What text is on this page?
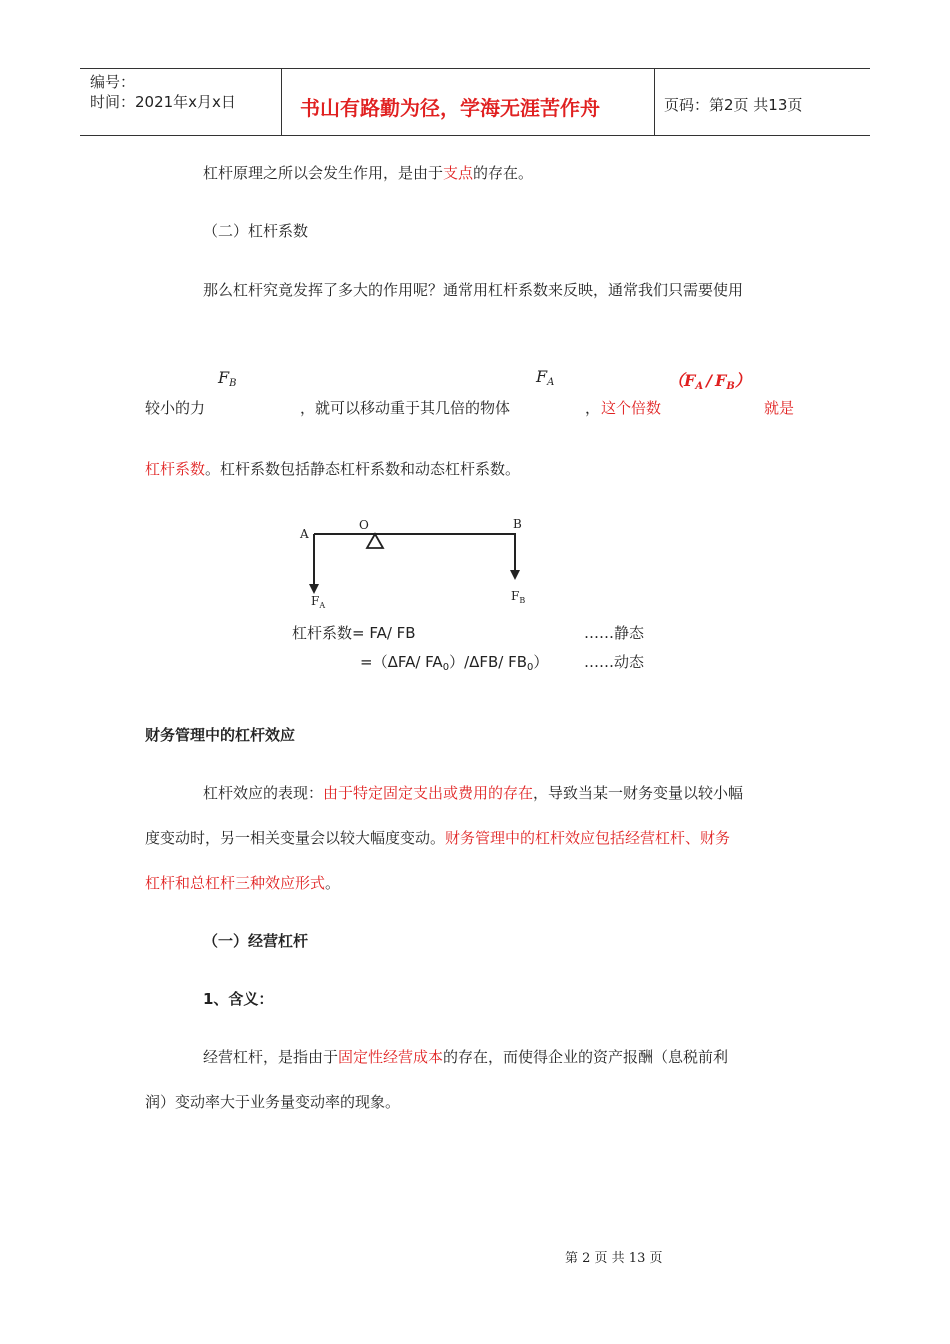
编号：
时间：2021年x月x日	书山有路勤为径，学海无涯苦作舟	页码：第2页 共13页
杠杆原理之所以会发生作用，是由于支点的存在。
（二）杠杆系数
那么杠杆究竟发挥了多大的作用呢？通常用杠杆系数来反映，通常我们只需要使用
$F_B$	$F_A$	$(F_A / F_B)$
较小的力	，就可以移动重于其几倍的物体	， 这个倍数	就是
杠杆系数。杠杆系数包括静态杠杆系数和动态杠杆系数。
A
O	B
$F_A$
$F_B$
杠杆系数= FA/ FB	……静态
=（ΔFA/ $FA_0)/\Delta FB/$ $FB_0$） ……动态
财务管理中的杠杆效应
杠杆效应的表现：由于特定固定支出或费用的存在，导致当某一财务变量以较小幅
度变动时，另一相关变量会以较大幅度变动。财务管理中的杠杆效应包括经营杠杆、财务
杠杆和总杠杆三种效应形式。
（一）经营杠杆
1、含义：
经营杠杆，是指由于固定性经营成本的存在，而使得企业的资产报酬（息税前利
润）变动率大于业务量变动率的现象。
第 2 页 共 13 页
